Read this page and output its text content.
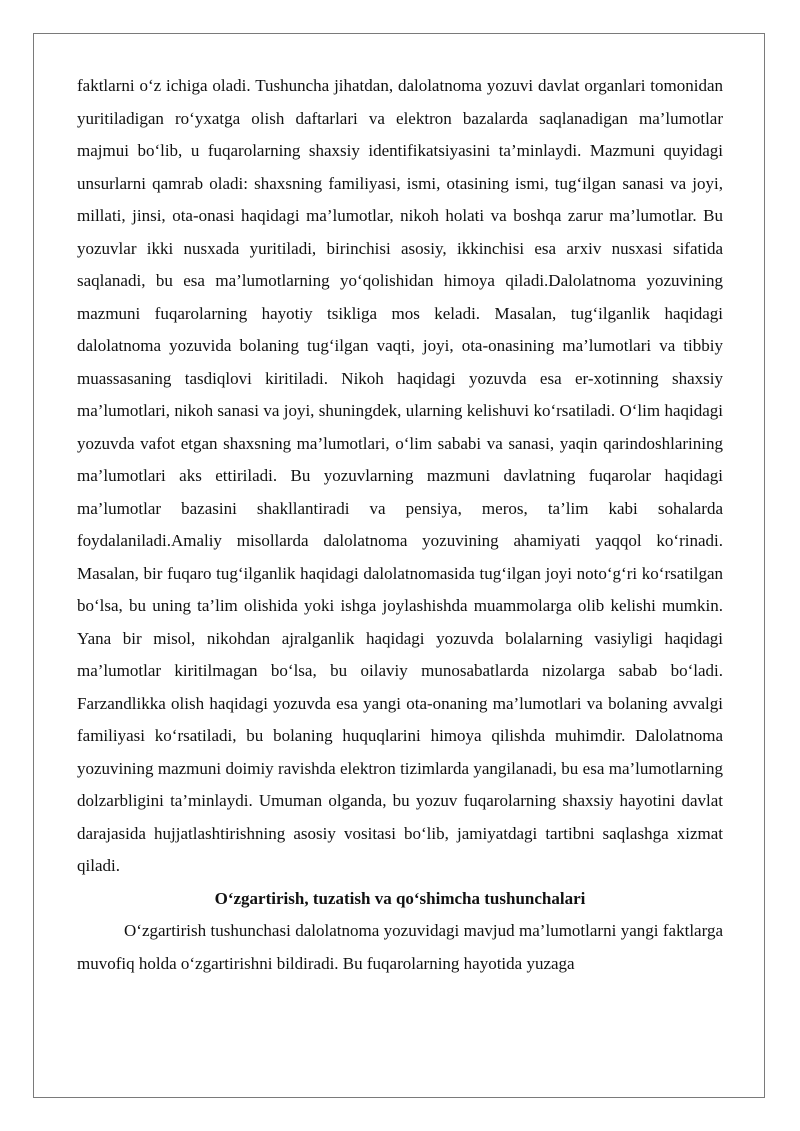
faktlarni o‘z ichiga oladi. Tushuncha jihatdan, dalolatnoma yozuvi davlat organlari tomonidan yuritiladigan ro‘yxatga olish daftarlari va elektron bazalarda saqlanadigan ma’lumotlar majmui bo‘lib, u fuqarolarning shaxsiy identifikatsiyasini ta’minlaydi. Mazmuni quyidagi unsurlarni qamrab oladi: shaxsning familiyasi, ismi, otasining ismi, tug‘ilgan sanasi va joyi, millati, jinsi, ota-onasi haqidagi ma’lumotlar, nikoh holati va boshqa zarur ma’lumotlar. Bu yozuvlar ikki nusxada yuritiladi, birinchisi asosiy, ikkinchisi esa arxiv nusxasi sifatida saqlanadi, bu esa ma’lumotlarning yo‘qolishidan himoya qiladi.Dalolatnoma yozuvining mazmuni fuqarolarning hayotiy tsikliga mos keladi. Masalan, tug‘ilganlik haqidagi dalolatnoma yozuvida bolaning tug‘ilgan vaqti, joyi, ota-onasining ma’lumotlari va tibbiy muassasaning tasdiqlovi kiritiladi. Nikoh haqidagi yozuvda esa er-xotinning shaxsiy ma’lumotlari, nikoh sanasi va joyi, shuningdek, ularning kelishuvi ko‘rsatiladi. O‘lim haqidagi yozuvda vafot etgan shaxsning ma’lumotlari, o‘lim sababi va sanasi, yaqin qarindoshlarining ma’lumotlari aks ettiriladi. Bu yozuvlarning mazmuni davlatning fuqarolar haqidagi ma’lumotlar bazasini shakllantiradi va pensiya, meros, ta’lim kabi sohalarda foydalaniladi.Amaliy misollarda dalolatnoma yozuvining ahamiyati yaqqol ko‘rinadi. Masalan, bir fuqaro tug‘ilganlik haqidagi dalolatnomasida tug‘ilgan joyi noto‘g‘ri ko‘rsatilgan bo‘lsa, bu uning ta’lim olishida yoki ishga joylashishda muammolarga olib kelishi mumkin. Yana bir misol, nikohdan ajralganlik haqidagi yozuvda bolalarning vasiyligi haqidagi ma’lumotlar kiritilmagan bo‘lsa, bu oilaviy munosabatlarda nizolarga sabab bo‘ladi. Farzandlikka olish haqidagi yozuvda esa yangi ota-onaning ma’lumotlari va bolaning avvalgi familiyasi ko‘rsatiladi, bu bolaning huquqlarini himoya qilishda muhimdir. Dalolatnoma yozuvining mazmuni doimiy ravishda elektron tizimlarda yangilanadi, bu esa ma’lumotlarning dolzarbligini ta’minlaydi. Umuman olganda, bu yozuv fuqarolarning shaxsiy hayotini davlat darajasida hujjatlashtirishning asosiy vositasi bo‘lib, jamiyatdagi tartibni saqlashga xizmat qiladi.

O‘zgartirish, tuzatish va qo‘shimcha tushunchalari

O‘zgartirish tushunchasi dalolatnoma yozuvidagi mavjud ma’lumotlarni yangi faktlarga muvofiq holda o‘zgartirishni bildiradi. Bu fuqarolarning hayotida yuzaga
